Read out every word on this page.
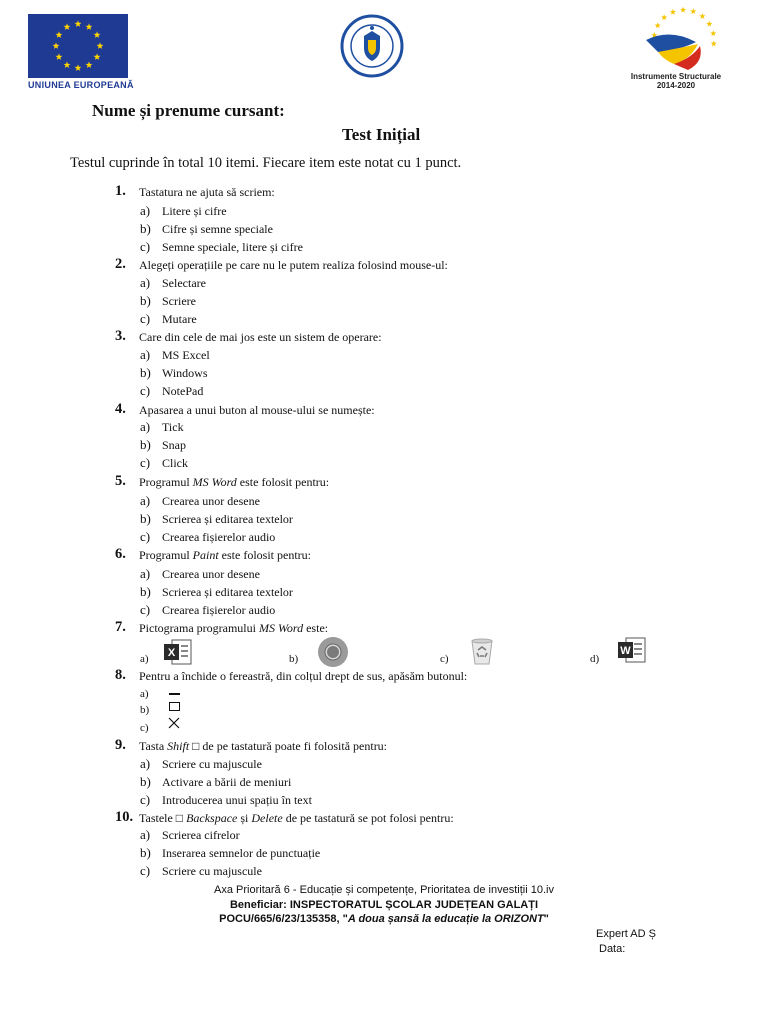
UNIUNEA EUROPEANĂ
Instrumente Structurale
2014-2020
Nume și prenume cursant:
Test Inițial
Testul cuprinde în total 10 itemi. Fiecare item este notat cu 1 punct.
1. Tastatura ne ajuta să scriem:
a) Litere și cifre
b) Cifre și semne speciale
c) Semne speciale, litere și cifre
2. Alegeți operațiile pe care nu le putem realiza folosind mouse-ul:
a) Selectare
b) Scriere
c) Mutare
3. Care din cele de mai jos este un sistem de operare:
a) MS Excel
b) Windows
c) NotePad
4. Apasarea a unui buton al mouse-ului se numește:
a) Tick
b) Snap
c) Click
5. Programul MS Word este folosit pentru:
a) Crearea unor desene
b) Scrierea și editarea textelor
c) Crearea fișierelor audio
6. Programul Paint este folosit pentru:
a) Crearea unor desene
b) Scrierea și editarea textelor
c) Crearea fișierelor audio
7. Pictograma programului MS Word este:
a) X	b)	c)	d)
W
8. Pentru a închide o fereastră, din colțul drept de sus, apăsăm butonul:
a)
b)
c)
9. Tasta Shift □ de pe tastatură poate fi folosită pentru:
a) Scriere cu majuscule
b) Activare a bării de meniuri
c) Introducerea unui spațiu în text
10. Tastele □ Backspace și Delete de pe tastatură se pot folosi pentru:
a) Scrierea cifrelor
b) Inserarea semnelor de punctuație
c) Scriere cu majuscule
Axa Prioritară 6 - Educație și competențe, Prioritatea de investiții 10.iv
Beneficiar: INSPECTORATUL ȘCOLAR JUDEȚEAN GALAȚI
POCU/665/6/23/135358, "A doua șansă la educație la ORIZONT"
Expert AD Ș
Data:
